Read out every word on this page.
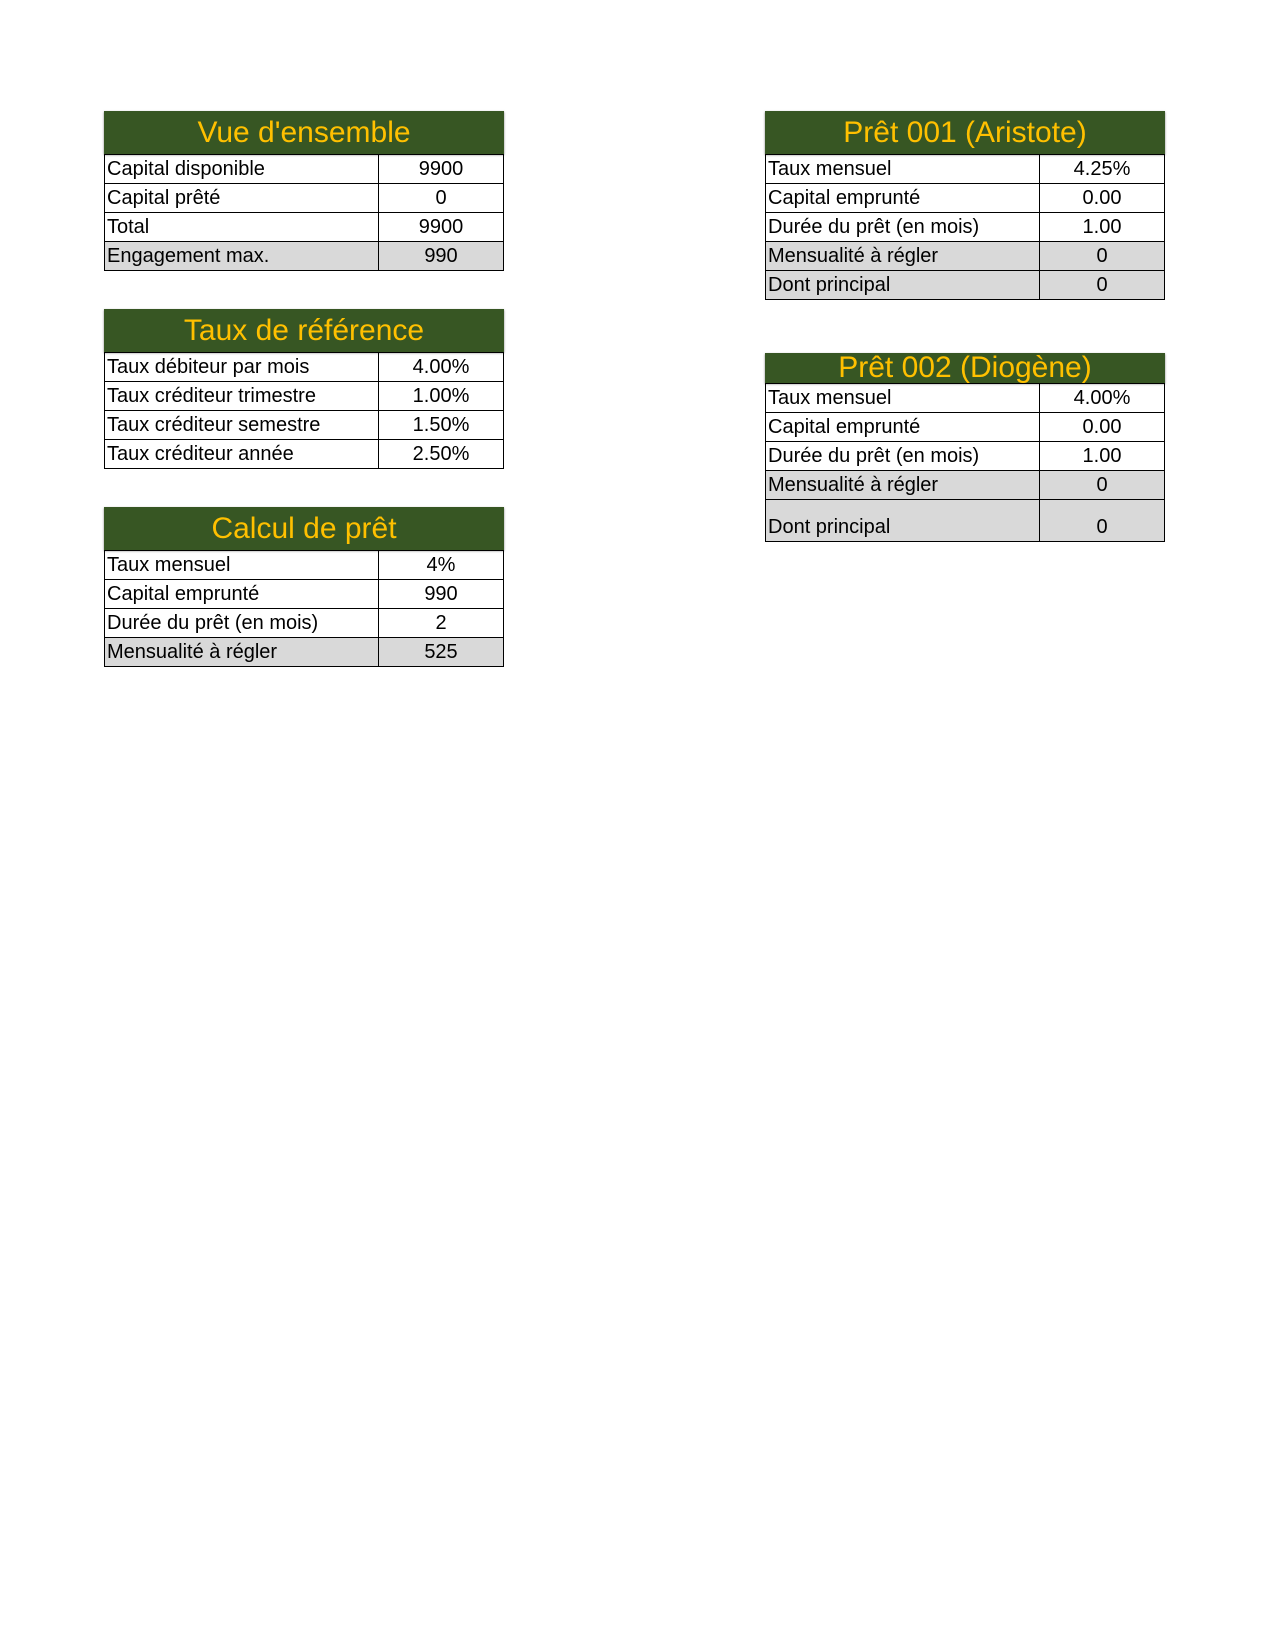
Vue d'ensemble
Capital disponible	9900
Capital prêté	0
Total	9900
Engagement max.	990
Taux de référence
Taux débiteur par mois	4.00%
Taux créditeur trimestre	1.00%
Taux créditeur semestre	1.50%
Taux créditeur année	2.50%
Calcul de prêt
Taux mensuel	4%
Capital emprunté	990
Durée du prêt (en mois)	2
Mensualité à régler	525
Prêt 001 (Aristote)
Taux mensuel	4.25%
Capital emprunté	0.00
Durée du prêt (en mois)	1.00
Mensualité à régler	0
Dont principal	0
Prêt 002 (Diogène)
Taux mensuel	4.00%
Capital emprunté	0.00
Durée du prêt (en mois)	1.00
Mensualité à régler	0
Dont principal	0
